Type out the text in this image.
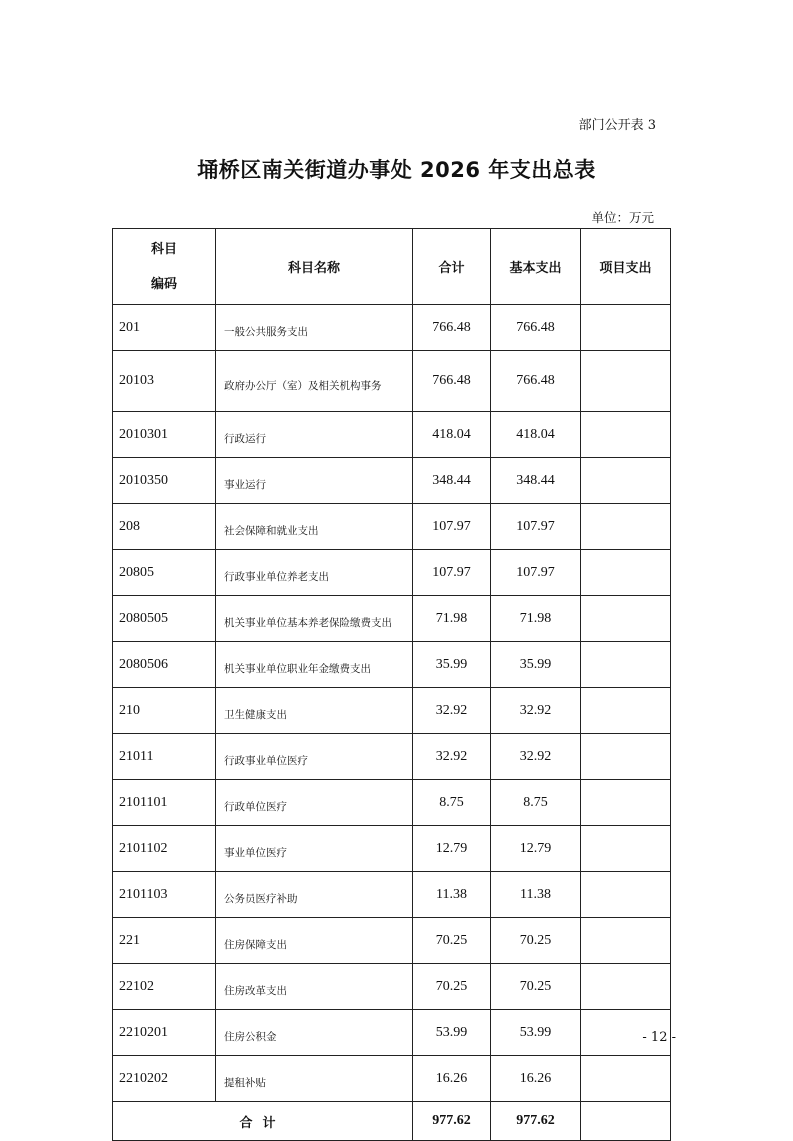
部门公开表 3
埇桥区南关街道办事处 2026 年支出总表
单位：万元
科目
编码	科目名称	合计	基本支出	项目支出
201	一般公共服务支出	766.48	766.48	
20103	政府办公厅（室）及相关机构事务	766.48	766.48	
2010301	行政运行	418.04	418.04	
2010350	事业运行	348.44	348.44	
208	社会保障和就业支出	107.97	107.97	
20805	行政事业单位养老支出	107.97	107.97	
2080505	机关事业单位基本养老保险缴费支出	71.98	71.98	
2080506	机关事业单位职业年金缴费支出	35.99	35.99	
210	卫生健康支出	32.92	32.92	
21011	行政事业单位医疗	32.92	32.92	
2101101	行政单位医疗	8.75	8.75	
2101102	事业单位医疗	12.79	12.79	
2101103	公务员医疗补助	11.38	11.38	
221	住房保障支出	70.25	70.25	
22102	住房改革支出	70.25	70.25	
2210201	住房公积金	53.99	53.99	
2210202	提租补贴	16.26	16.26	
合计		977.62	977.62	
- 12 -
